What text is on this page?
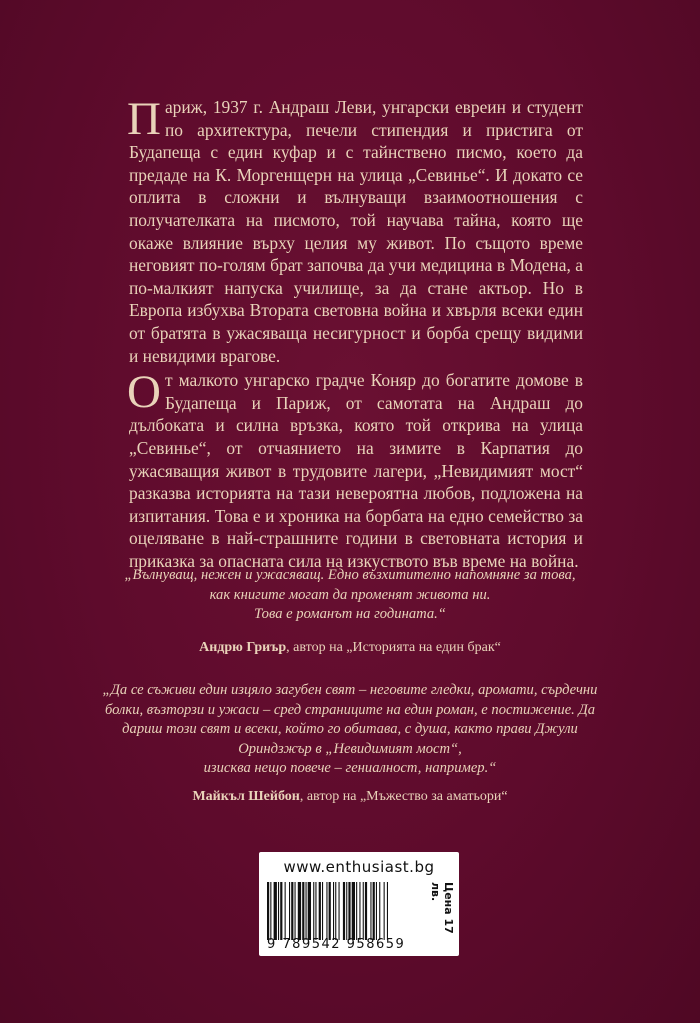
Париж, 1937 г. Андраш Леви, унгарски евреин и студент по архитектура, печели стипендия и пристига от Будапеща с един куфар и с тайнствено писмо, което да предаде на К. Моргенщерн на улица „Севинье“. И докато се оплита в сложни и вълнуващи взаимоотношения с получателката на писмото, той научава тайна, която ще окаже влияние върху целия му живот. По същото време неговият по-голям брат започва да учи медицина в Модена, а по-малкият напуска училище, за да стане актьор. Но в Европа избухва Втората световна война и хвърля всеки един от братята в ужасяваща несигурност и борба срещу видими и невидими врагове.

От малкото унгарско градче Коняр до богатите домове в Будапеща и Париж, от самотата на Андраш до дълбоката и силна връзка, която той открива на улица „Севинье“, от отчаянието на зимите в Карпатия до ужасяващия живот в трудовите лагери, „Невидимият мост“ разказва историята на тази невероятна любов, подложена на изпитания. Това е и хроника на борбата на едно семейство за оцеляване в най-страшните години в световната история и приказка за опасната сила на изкуството във време на война.

„Вълнуващ, нежен и ужасяващ. Едно възхитително напомняне за това,
как книгите могат да променят живота ни.
Това е романът на годината.“
Андрю Гриър, автор на „Историята на един брак“
„Да се съживи един изцяло загубен свят – неговите гледки, аромати, сърдечни
болки, възторзи и ужаси – сред страниците на един роман, е постижение. Да
дариш този свят и всеки, който го обитава, с душа, както прави Джули
Ориндзжър в „Невидимият мост“,
изисква нещо повече – гениалност, например.“
Майкъл Шейбон, автор на „Мъжество за аматьори“
www.enthusiast.bg
9 789542 958659
Цена 17 лв.
